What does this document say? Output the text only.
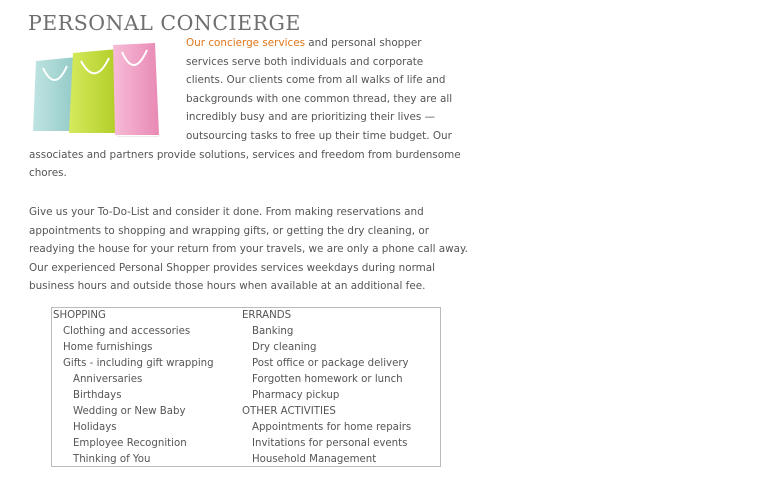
PERSONAL CONCIERGE
Our concierge services and personal shopper services serve both individuals and corporate clients. Our clients come from all walks of life and backgrounds with one common thread, they are all incredibly busy and are prioritizing their lives — outsourcing tasks to free up their time budget. Our associates and partners provide solutions, services and freedom from burdensome chores.

Give us your To-Do-List and consider it done. From making reservations and appointments to shopping and wrapping gifts, or getting the dry cleaning, or readying the house for your return from your travels, we are only a phone call away. Our experienced Personal Shopper provides services weekdays during normal business hours and outside those hours when available at an additional fee.

SHOPPING
Clothing and accessories
Home furnishings
Gifts - including gift wrapping
Anniversaries
Birthdays
Wedding or New Baby
Holidays
Employee Recognition
Thinking of You
ERRANDS
Banking
Dry cleaning
Post office or package delivery
Forgotten homework or lunch
Pharmacy pickup
OTHER ACTIVITIES
Appointments for home repairs
Invitations for personal events
Household Management
